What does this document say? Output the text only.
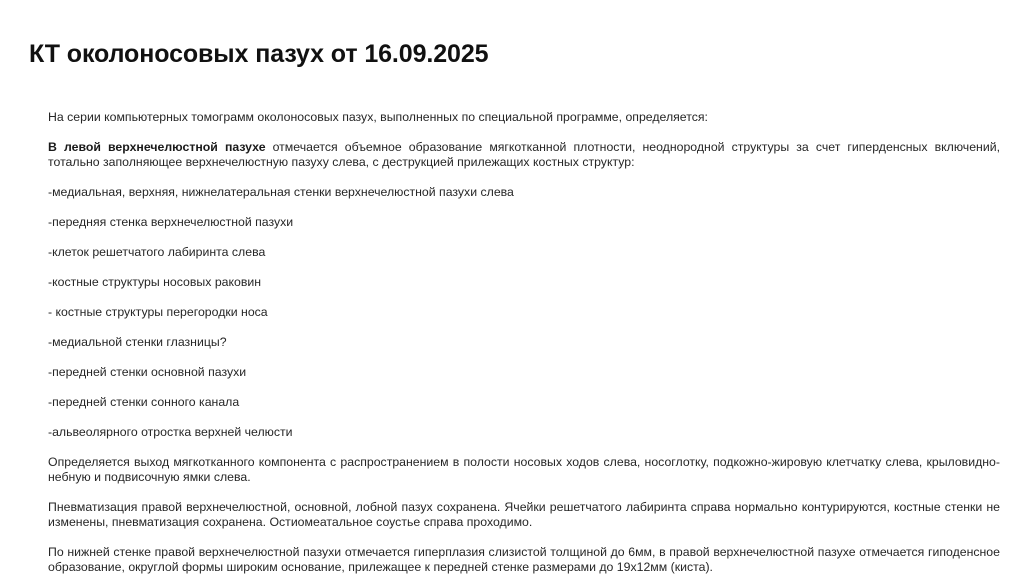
КТ околоносовых пазух от 16.09.2025

На серии компьютерных томограмм околоносовых пазух, выполненных по специальной программе, определяется:

В левой верхнечелюстной пазухе отмечается объемное образование мягкотканной плотности, неоднородной структуры за счет гиперденсных включений, тотально заполняющее верхнечелюстную пазуху слева, с деструкцией прилежащих костных структур:

-медиальная, верхняя, нижнелатеральная стенки верхнечелюстной пазухи слева

-передняя стенка верхнечелюстной пазухи

-клеток решетчатого лабиринта слева

-костные структуры носовых раковин

- костные структуры перегородки носа

-медиальной стенки глазницы?

-передней стенки основной пазухи

-передней стенки сонного канала

-альвеолярного отростка верхней челюсти

Определяется выход мягкотканного компонента с распространением в полости носовых ходов слева, носоглотку, подкожно-жировую клетчатку слева, крыловидно-небную и подвисочную ямки слева.

Пневматизация правой верхнечелюстной, основной, лобной пазух сохранена. Ячейки решетчатого лабиринта справа нормально контурируются, костные стенки не изменены, пневматизация сохранена. Остиомеатальное соустье справа проходимо.

По нижней стенке правой верхнечелюстной пазухи отмечается гиперплазия слизистой толщиной до 6мм, в правой верхнечелюстной пазухе отмечается гиподенсное образование, округлой формы широким основание, прилежащее к передней стенке размерами до 19х12мм (киста).
